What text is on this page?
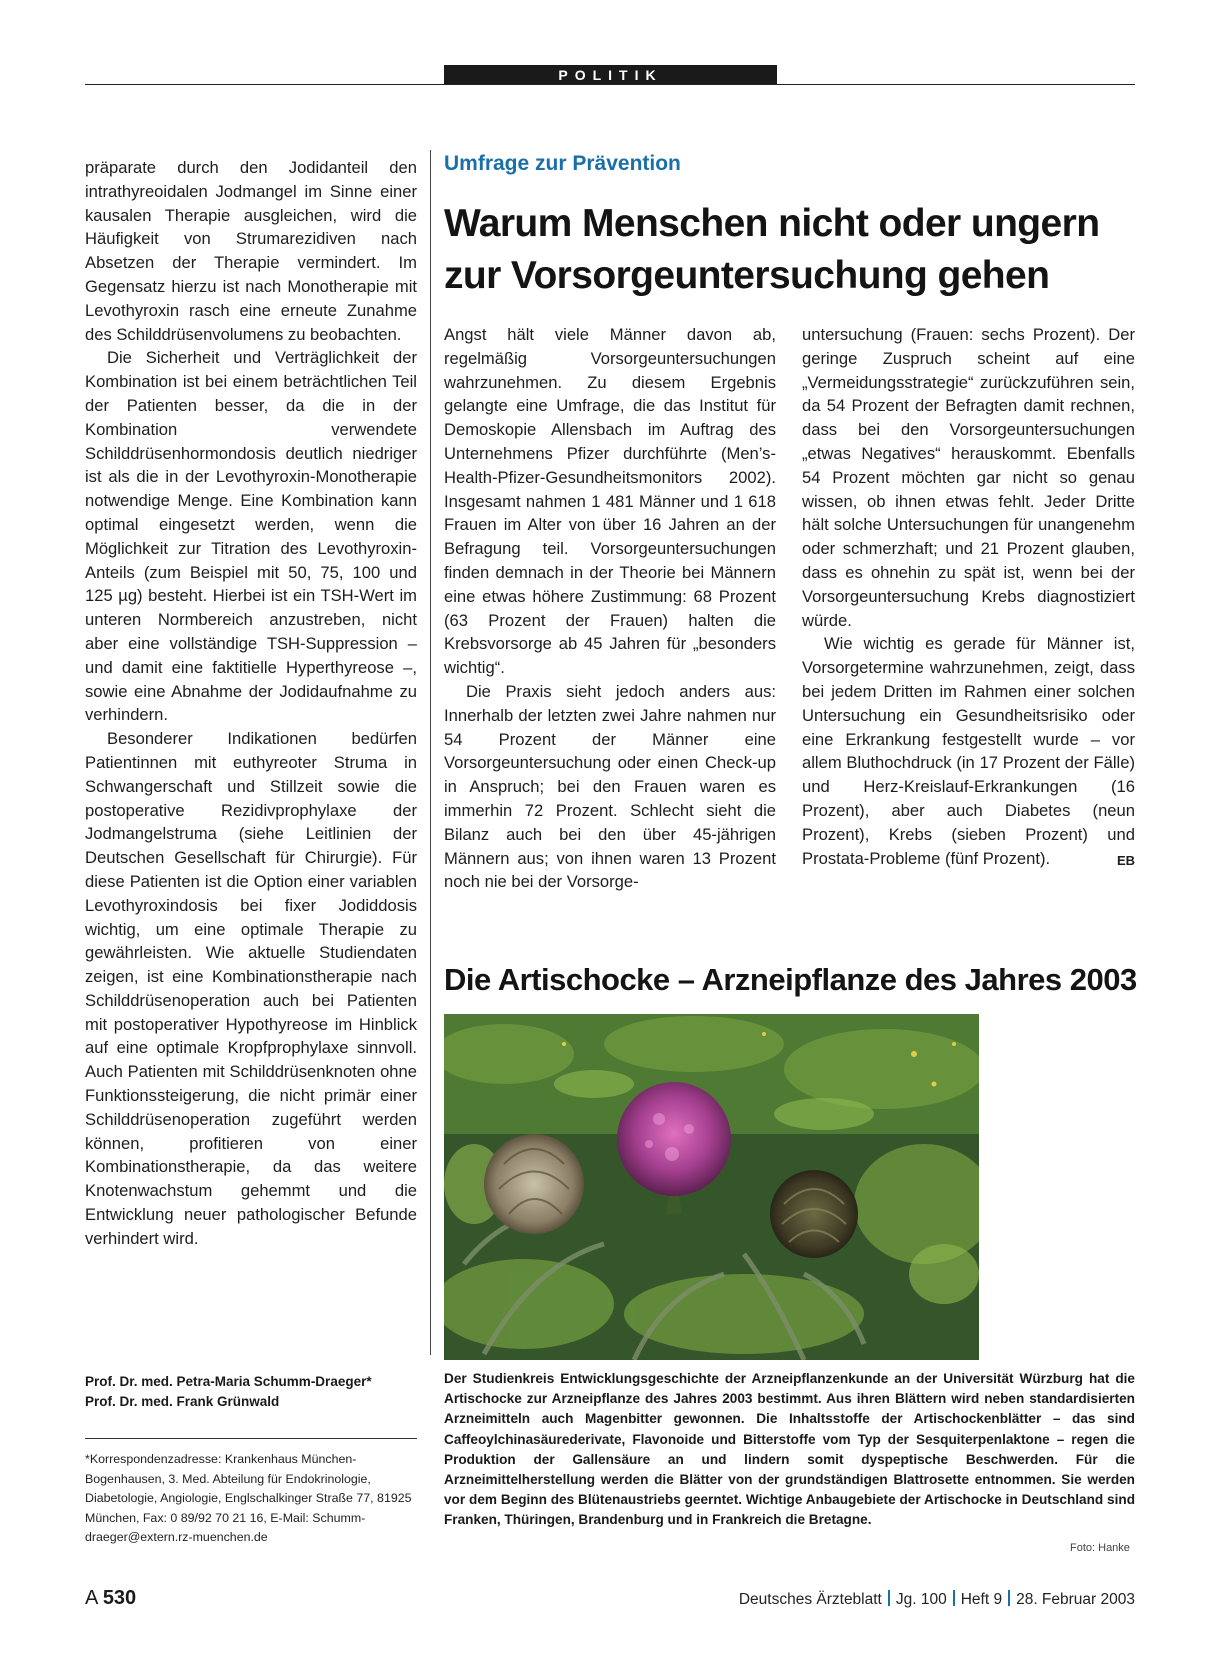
POLITIK

präparate durch den Jodidanteil den intrathyreoidalen Jodmangel im Sinne einer kausalen Therapie ausgleichen, wird die Häufigkeit von Strumarezidiven nach Absetzen der Therapie vermindert. Im Gegensatz hierzu ist nach Monotherapie mit Levothyroxin rasch eine erneute Zunahme des Schilddrüsenvolumens zu beobachten.

Die Sicherheit und Verträglichkeit der Kombination ist bei einem beträchtlichen Teil der Patienten besser, da die in der Kombination verwendete Schilddrüsenhormondosis deutlich niedriger ist als die in der Levothyroxin-Monotherapie notwendige Menge. Eine Kombination kann optimal eingesetzt werden, wenn die Möglichkeit zur Titration des Levothyroxin-Anteils (zum Beispiel mit 50, 75, 100 und 125 µg) besteht. Hierbei ist ein TSH-Wert im unteren Normbereich anzustreben, nicht aber eine vollständige TSH-Suppression – und damit eine faktitielle Hyperthyreose –, sowie eine Abnahme der Jodidaufnahme zu verhindern.

Besonderer Indikationen bedürfen Patientinnen mit euthyreoter Struma in Schwangerschaft und Stillzeit sowie die postoperative Rezidivprophylaxe der Jodmangelstruma (siehe Leitlinien der Deutschen Gesellschaft für Chirurgie). Für diese Patienten ist die Option einer variablen Levothyroxindosis bei fixer Jodiddosis wichtig, um eine optimale Therapie zu gewährleisten. Wie aktuelle Studiendaten zeigen, ist eine Kombinationstherapie nach Schilddrüsenoperation auch bei Patienten mit postoperativer Hypothyreose im Hinblick auf eine optimale Kropfprophylaxe sinnvoll. Auch Patienten mit Schilddrüsenknoten ohne Funktionssteigerung, die nicht primär einer Schilddrüsenoperation zugeführt werden können, profitieren von einer Kombinationstherapie, da das weitere Knotenwachstum gehemmt und die Entwicklung neuer pathologischer Befunde verhindert wird.

Prof. Dr. med. Petra-Maria Schumm-Draeger*
Prof. Dr. med. Frank Grünwald
*Korrespondenzadresse: Krankenhaus München-Bogenhausen, 3. Med. Abteilung für Endokrinologie, Diabetologie, Angiologie, Englschalkinger Straße 77, 81925 München, Fax: 0 89/92 70 21 16, E-Mail: Schumm-draeger@extern.rz-muenchen.de
Umfrage zur Prävention
Warum Menschen nicht oder ungern zur Vorsorgeuntersuchung gehen

Angst hält viele Männer davon ab, regelmäßig Vorsorgeuntersuchungen wahrzunehmen. Zu diesem Ergebnis gelangte eine Umfrage, die das Institut für Demoskopie Allensbach im Auftrag des Unternehmens Pfizer durchführte (Men’s-Health-Pfizer-Gesundheitsmonitors 2002). Insgesamt nahmen 1 481 Männer und 1 618 Frauen im Alter von über 16 Jahren an der Befragung teil. Vorsorgeuntersuchungen finden demnach in der Theorie bei Männern eine etwas höhere Zustimmung: 68 Prozent (63 Prozent der Frauen) halten die Krebsvorsorge ab 45 Jahren für „besonders wichtig“.

Die Praxis sieht jedoch anders aus: Innerhalb der letzten zwei Jahre nahmen nur 54 Prozent der Männer eine Vorsorgeuntersuchung oder einen Check-up in Anspruch; bei den Frauen waren es immerhin 72 Prozent. Schlecht sieht die Bilanz auch bei den über 45-jährigen Männern aus; von ihnen waren 13 Prozent noch nie bei der Vorsorge-

untersuchung (Frauen: sechs Prozent). Der geringe Zuspruch scheint auf eine „Vermeidungsstrategie“ zurückzuführen sein, da 54 Prozent der Befragten damit rechnen, dass bei den Vorsorgeuntersuchungen „etwas Negatives“ herauskommt. Ebenfalls 54 Prozent möchten gar nicht so genau wissen, ob ihnen etwas fehlt. Jeder Dritte hält solche Untersuchungen für unangenehm oder schmerzhaft; und 21 Prozent glauben, dass es ohnehin zu spät ist, wenn bei der Vorsorgeuntersuchung Krebs diagnostiziert würde.

Wie wichtig es gerade für Männer ist, Vorsorgetermine wahrzunehmen, zeigt, dass bei jedem Dritten im Rahmen einer solchen Untersuchung ein Gesundheitsrisiko oder eine Erkrankung festgestellt wurde – vor allem Bluthochdruck (in 17 Prozent der Fälle) und Herz-Kreislauf-Erkrankungen (16 Prozent), aber auch Diabetes (neun Prozent), Krebs (sieben Prozent) und Prostata-Probleme (fünf Prozent).	EB

Die Artischocke – Arzneipflanze des Jahres 2003
Der Studienkreis Entwicklungsgeschichte der Arzneipflanzenkunde an der Universität Würzburg hat die Artischocke zur Arzneipflanze des Jahres 2003 bestimmt. Aus ihren Blättern wird neben standardisierten Arzneimitteln auch Magenbitter gewonnen. Die Inhaltsstoffe der Artischockenblätter – das sind Caffeoylchinasäurederivate, Flavonoide und Bitterstoffe vom Typ der Sesquiterpenlaktone – regen die Produktion der Gallensäure an und lindern somit dyspeptische Beschwerden. Für die Arzneimittelherstellung werden die Blätter von der grundständigen Blattrosette entnommen. Sie werden vor dem Beginn des Blütenaustriebs geerntet. Wichtige Anbaugebiete der Artischocke in Deutschland sind Franken, Thüringen, Brandenburg und in Frankreich die Bretagne.
Foto: Hanke
A 530	Deutsches Ärzteblatt Jg. 100 Heft 9 28. Februar 2003
